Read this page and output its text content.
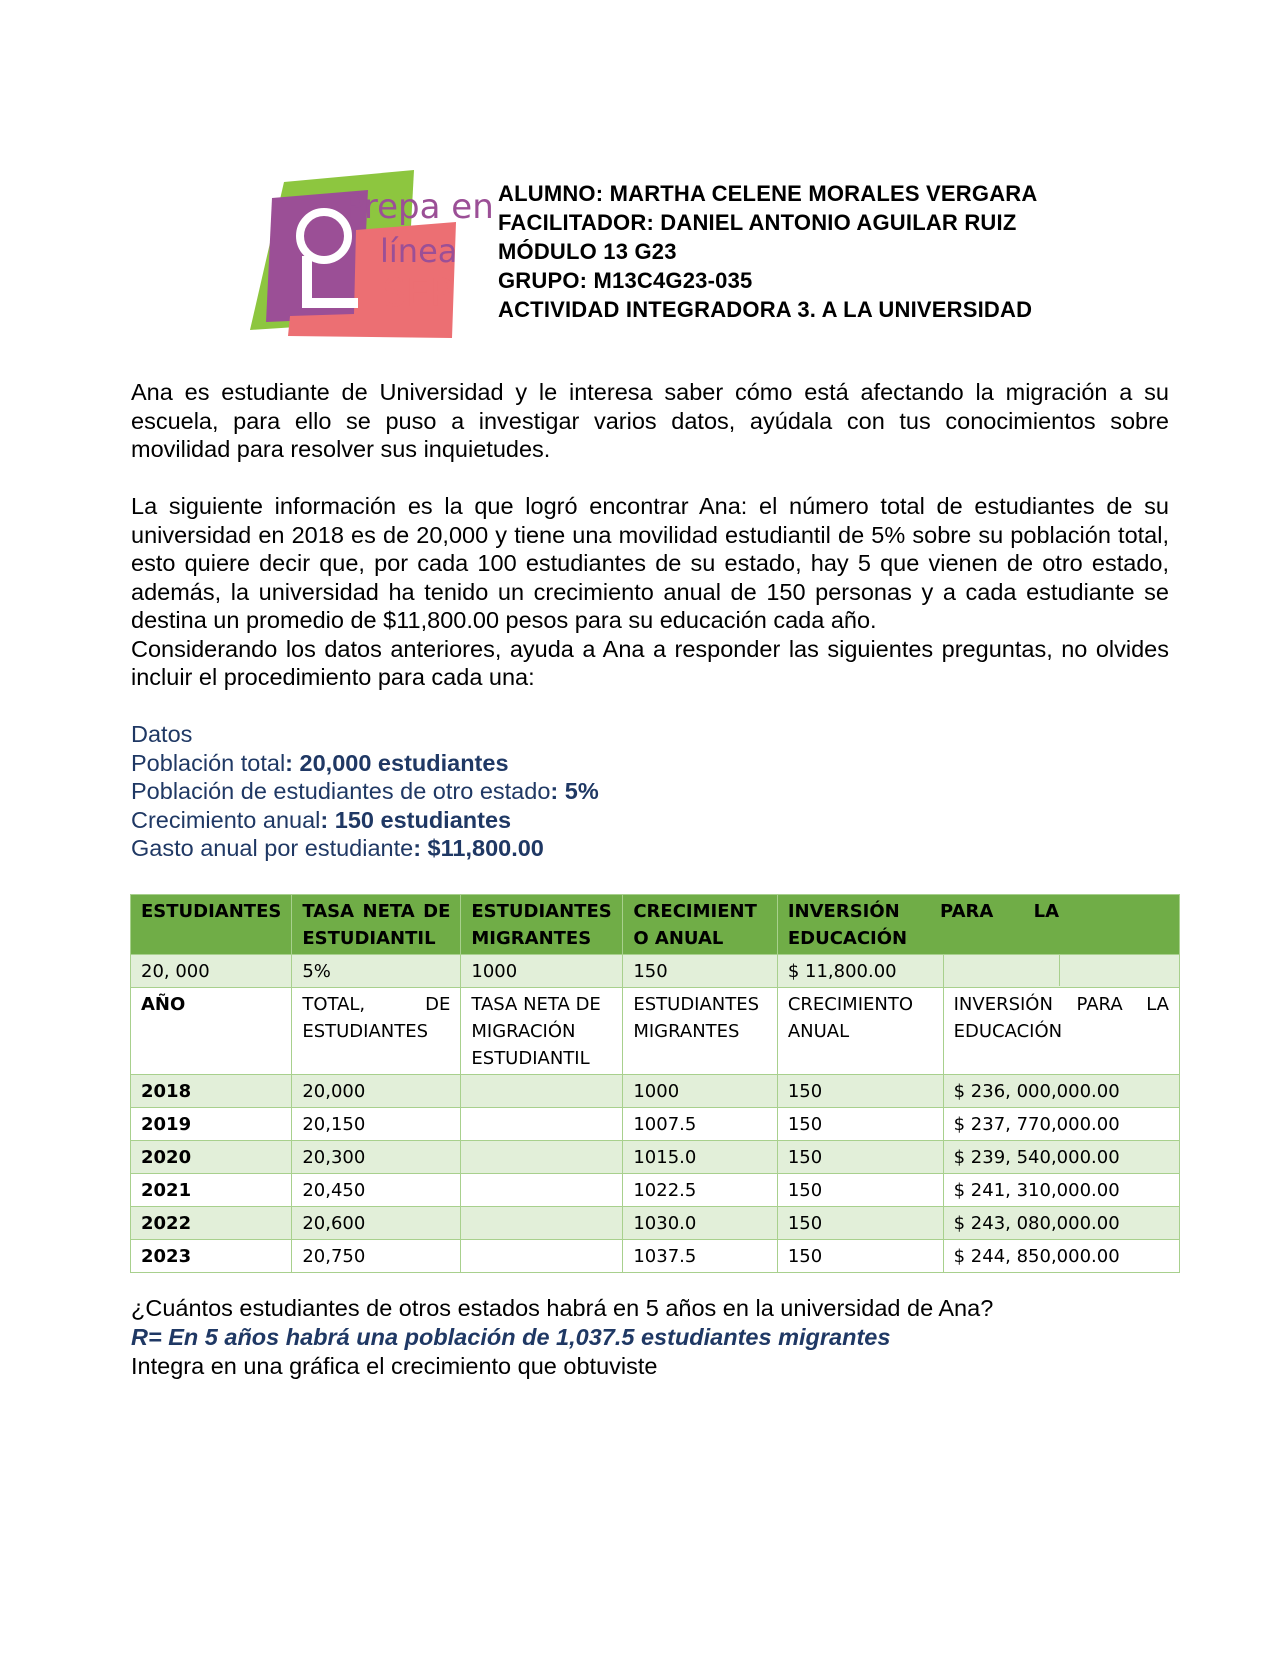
Prepa en
línea
SEP
ALUMNO: MARTHA CELENE MORALES VERGARA
FACILITADOR: DANIEL ANTONIO AGUILAR RUIZ
MÓDULO 13 G23
GRUPO: M13C4G23-035
ACTIVIDAD INTEGRADORA 3. A LA UNIVERSIDAD
Ana es estudiante de Universidad y le interesa saber cómo está afectando la migración a su escuela, para ello se puso a investigar varios datos, ayúdala con tus conocimientos sobre movilidad para resolver sus inquietudes.
La siguiente información es la que logró encontrar Ana: el número total de estudiantes de su universidad en 2018 es de 20,000 y tiene una movilidad estudiantil de 5% sobre su población total, esto quiere decir que, por cada 100 estudiantes de su estado, hay 5 que vienen de otro estado, además, la universidad ha tenido un crecimiento anual de 150 personas y a cada estudiante se destina un promedio de $11,800.00 pesos para su educación cada año.
Considerando los datos anteriores, ayuda a Ana a responder las siguientes preguntas, no olvides incluir el procedimiento para cada una:
Datos
Población total: 20,000 estudiantes
Población de estudiantes de otro estado: 5%
Crecimiento anual: 150 estudiantes
Gasto anual por estudiante: $11,800.00
ESTUDIANTES	TASA NETA DE ESTUDIANTIL	ESTUDIANTES MIGRANTES	CRECIMIENT O ANUAL	INVERSIÓN PARA LA EDUCACIÓN	
20, 000	5%	1000	150	$ 11,800.00	

AÑO	TOTAL, DE ESTUDIANTES	TASA NETA DE MIGRACIÓN ESTUDIANTIL	ESTUDIANTES MIGRANTES	CRECIMIENTO ANUAL	INVERSIÓN PARA LA EDUCACIÓN
2018	20,000		1000	150	$ 236, 000,000.00
2019	20,150		1007.5	150	$ 237, 770,000.00
2020	20,300		1015.0	150	$ 239, 540,000.00
2021	20,450		1022.5	150	$ 241, 310,000.00
2022	20,600		1030.0	150	$ 243, 080,000.00
2023	20,750		1037.5	150	$ 244, 850,000.00
¿Cuántos estudiantes de otros estados habrá en 5 años en la universidad de Ana?
R= En 5 años habrá una población de 1,037.5 estudiantes migrantes
Integra en una gráfica el crecimiento que obtuviste
